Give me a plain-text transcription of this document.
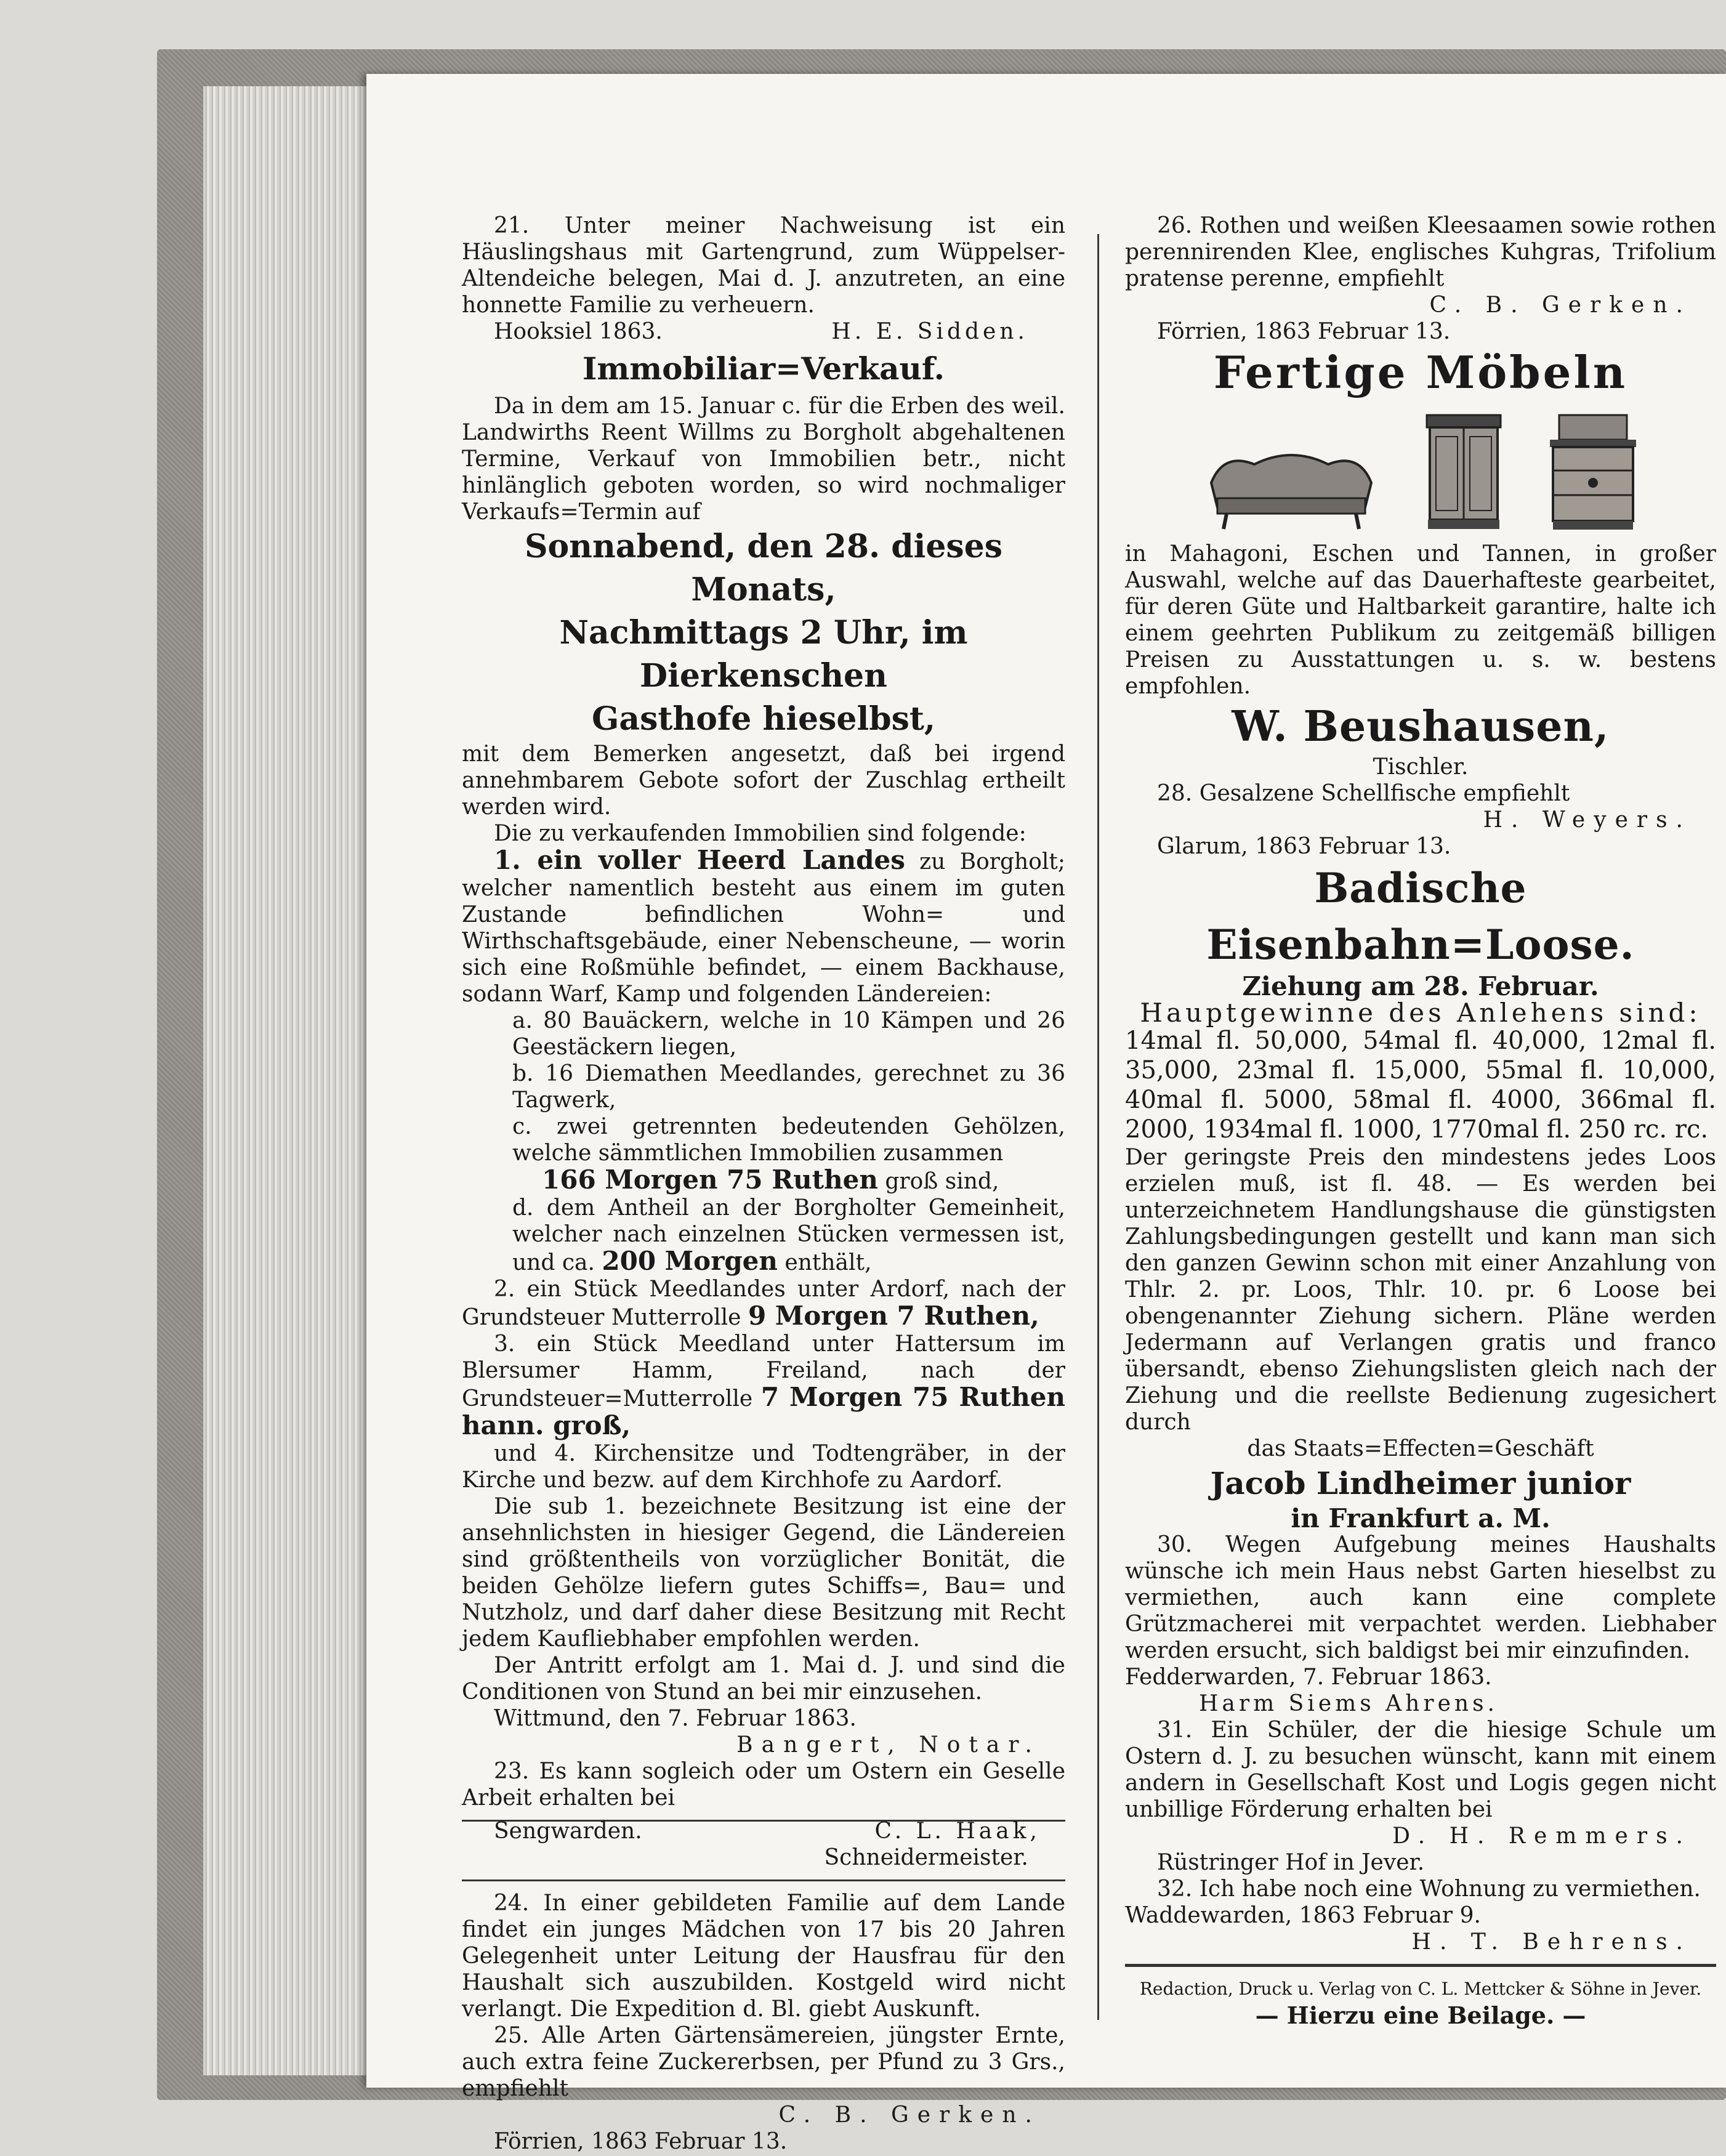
21. Unter meiner Nachweisung ist ein Häuslingshaus mit Gartengrund, zum Wüppelser-Altendeiche belegen, Mai d. J. anzutreten, an eine honnette Familie zu verheuern.

Hooksiel 1863.	H. E. Sidden.
Immobiliar=Verkauf.

Da in dem am 15. Januar c. für die Erben des weil. Landwirths Reent Willms zu Borgholt abgehaltenen Termine, Verkauf von Immobilien betr., nicht hinlänglich geboten worden, so wird nochmaliger Verkaufs=Termin auf

Sonnabend, den 28. dieses Monats,
Nachmittags 2 Uhr, im Dierkenschen
Gasthofe hieselbst,

mit dem Bemerken angesetzt, daß bei irgend annehmbarem Gebote sofort der Zuschlag ertheilt werden wird.

Die zu verkaufenden Immobilien sind folgende:

1. ein voller Heerd Landes zu Borgholt; welcher namentlich besteht aus einem im guten Zustande befindlichen Wohn= und Wirthschaftsgebäude, einer Nebenscheune, — worin sich eine Roßmühle befindet, — einem Backhause, sodann Warf, Kamp und folgenden Ländereien:

a. 80 Bauäckern, welche in 10 Kämpen und 26 Geestäckern liegen,

b. 16 Diemathen Meedlandes, gerechnet zu 36 Tagwerk,

c. zwei getrennten bedeutenden Gehölzen, welche sämmtlichen Immobilien zusammen

166 Morgen 75 Ruthen groß sind,

d. dem Antheil an der Borgholter Gemeinheit, welcher nach einzelnen Stücken vermessen ist, und ca. 200 Morgen enthält,

2. ein Stück Meedlandes unter Ardorf, nach der Grundsteuer Mutterrolle 9 Morgen 7 Ruthen,

3. ein Stück Meedland unter Hattersum im Blersumer Hamm, Freiland, nach der Grundsteuer=Mutterrolle 7 Morgen 75 Ruthen hann. groß,

und 4. Kirchensitze und Todtengräber, in der Kirche und bezw. auf dem Kirchhofe zu Aardorf.

Die sub 1. bezeichnete Besitzung ist eine der ansehnlichsten in hiesiger Gegend, die Ländereien sind größtentheils von vorzüglicher Bonität, die beiden Gehölze liefern gutes Schiffs=, Bau= und Nutzholz, und darf daher diese Besitzung mit Recht jedem Kaufliebhaber empfohlen werden.

Der Antritt erfolgt am 1. Mai d. J. und sind die Conditionen von Stund an bei mir einzusehen.

Wittmund, den 7. Februar 1863.

Bangert, Notar.

23. Es kann sogleich oder um Ostern ein Geselle Arbeit erhalten bei

Sengwarden.	C. L. Haak,

Schneidermeister.

24. In einer gebildeten Familie auf dem Lande findet ein junges Mädchen von 17 bis 20 Jahren Gelegenheit unter Leitung der Hausfrau für den Haushalt sich auszubilden. Kostgeld wird nicht verlangt. Die Expedition d. Bl. giebt Auskunft.

25. Alle Arten Gärtensämereien, jüngster Ernte, auch extra feine Zuckererbsen, per Pfund zu 3 Grs., empfiehlt

C. B. Gerken.

Förrien, 1863 Februar 13.

26. Rothen und weißen Kleesaamen sowie rothen perennirenden Klee, englisches Kuhgras, Trifolium pratense perenne, empfiehlt

C. B. Gerken.

Förrien, 1863 Februar 13.

Fertige Möbeln

in Mahagoni, Eschen und Tannen, in großer Auswahl, welche auf das Dauerhafteste gearbeitet, für deren Güte und Haltbarkeit garantire, halte ich einem geehrten Publikum zu zeitgemäß billigen Preisen zu Ausstattungen u. s. w. bestens empfohlen.

W. Beushausen,

Tischler.

28. Gesalzene Schellfische empfiehlt

H. Weyers.

Glarum, 1863 Februar 13.

Badische Eisenbahn=Loose.

Ziehung am 28. Februar.

Hauptgewinne des Anlehens sind:

14mal fl. 50,000, 54mal fl. 40,000, 12mal fl. 35,000, 23mal fl. 15,000, 55mal fl. 10,000, 40mal fl. 5000, 58mal fl. 4000, 366mal fl. 2000, 1934mal fl. 1000, 1770mal fl. 250 rc. rc.

Der geringste Preis den mindestens jedes Loos erzielen muß, ist fl. 48. — Es werden bei unterzeichnetem Handlungshause die günstigsten Zahlungsbedingungen gestellt und kann man sich den ganzen Gewinn schon mit einer Anzahlung von Thlr. 2. pr. Loos, Thlr. 10. pr. 6 Loose bei obengenannter Ziehung sichern. Pläne werden Jedermann auf Verlangen gratis und franco übersandt, ebenso Ziehungslisten gleich nach der Ziehung und die reellste Bedienung zugesichert durch

das Staats=Effecten=Geschäft

Jacob Lindheimer junior

in Frankfurt a. M.

30. Wegen Aufgebung meines Haushalts wünsche ich mein Haus nebst Garten hieselbst zu vermiethen, auch kann eine complete Grützmacherei mit verpachtet werden. Liebhaber werden ersucht, sich baldigst bei mir einzufinden.

Fedderwarden, 7. Februar 1863.

Harm Siems Ahrens.

31. Ein Schüler, der die hiesige Schule um Ostern d. J. zu besuchen wünscht, kann mit einem andern in Gesellschaft Kost und Logis gegen nicht unbillige Förderung erhalten bei

D. H. Remmers.

Rüstringer Hof in Jever.

32. Ich habe noch eine Wohnung zu vermiethen.

Waddewarden, 1863 Februar 9.

H. T. Behrens.

Redaction, Druck u. Verlag von C. L. Mettcker & Söhne in Jever.

— Hierzu eine Beilage. —
